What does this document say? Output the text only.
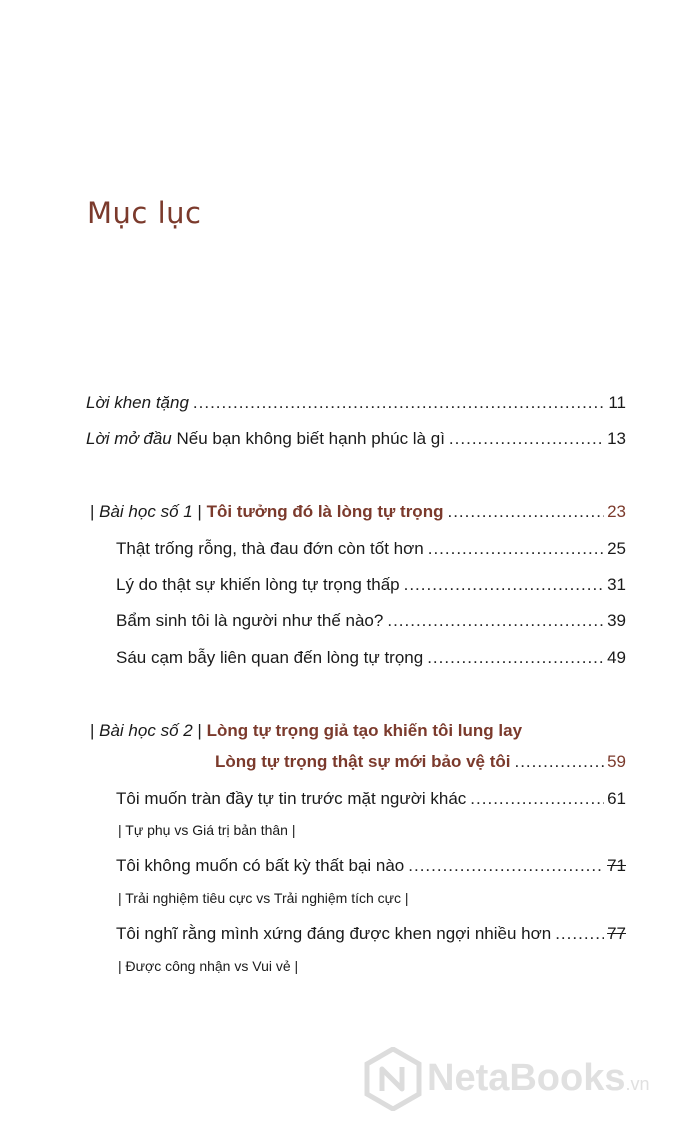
Mục lục
Lời khen tặng .....	11
Lời mở đầu Nếu bạn không biết hạnh phúc là gì .....	13
| Bài học số 1 | Tôi tưởng đó là lòng tự trọng .....	23
Thật trống rỗng, thà đau đớn còn tốt hơn .....	25
Lý do thật sự khiến lòng tự trọng thấp .....	31
Bẩm sinh tôi là người như thế nào? .....	39
Sáu cạm bẫy liên quan đến lòng tự trọng .....	49
| Bài học số 2 | Lòng tự trọng giả tạo khiến tôi lung lay
Lòng tự trọng thật sự mới bảo vệ tôi .....	59
Tôi muốn tràn đầy tự tin trước mặt người khác .....	61
| Tự phụ vs Giá trị bản thân |
Tôi không muốn có bất kỳ thất bại nào .....	71
| Trải nghiệm tiêu cực vs Trải nghiệm tích cực |
Tôi nghĩ rằng mình xứng đáng được khen ngợi nhiều hơn .....	77
| Được công nhận vs Vui vẻ |
NetaBooks.vn
